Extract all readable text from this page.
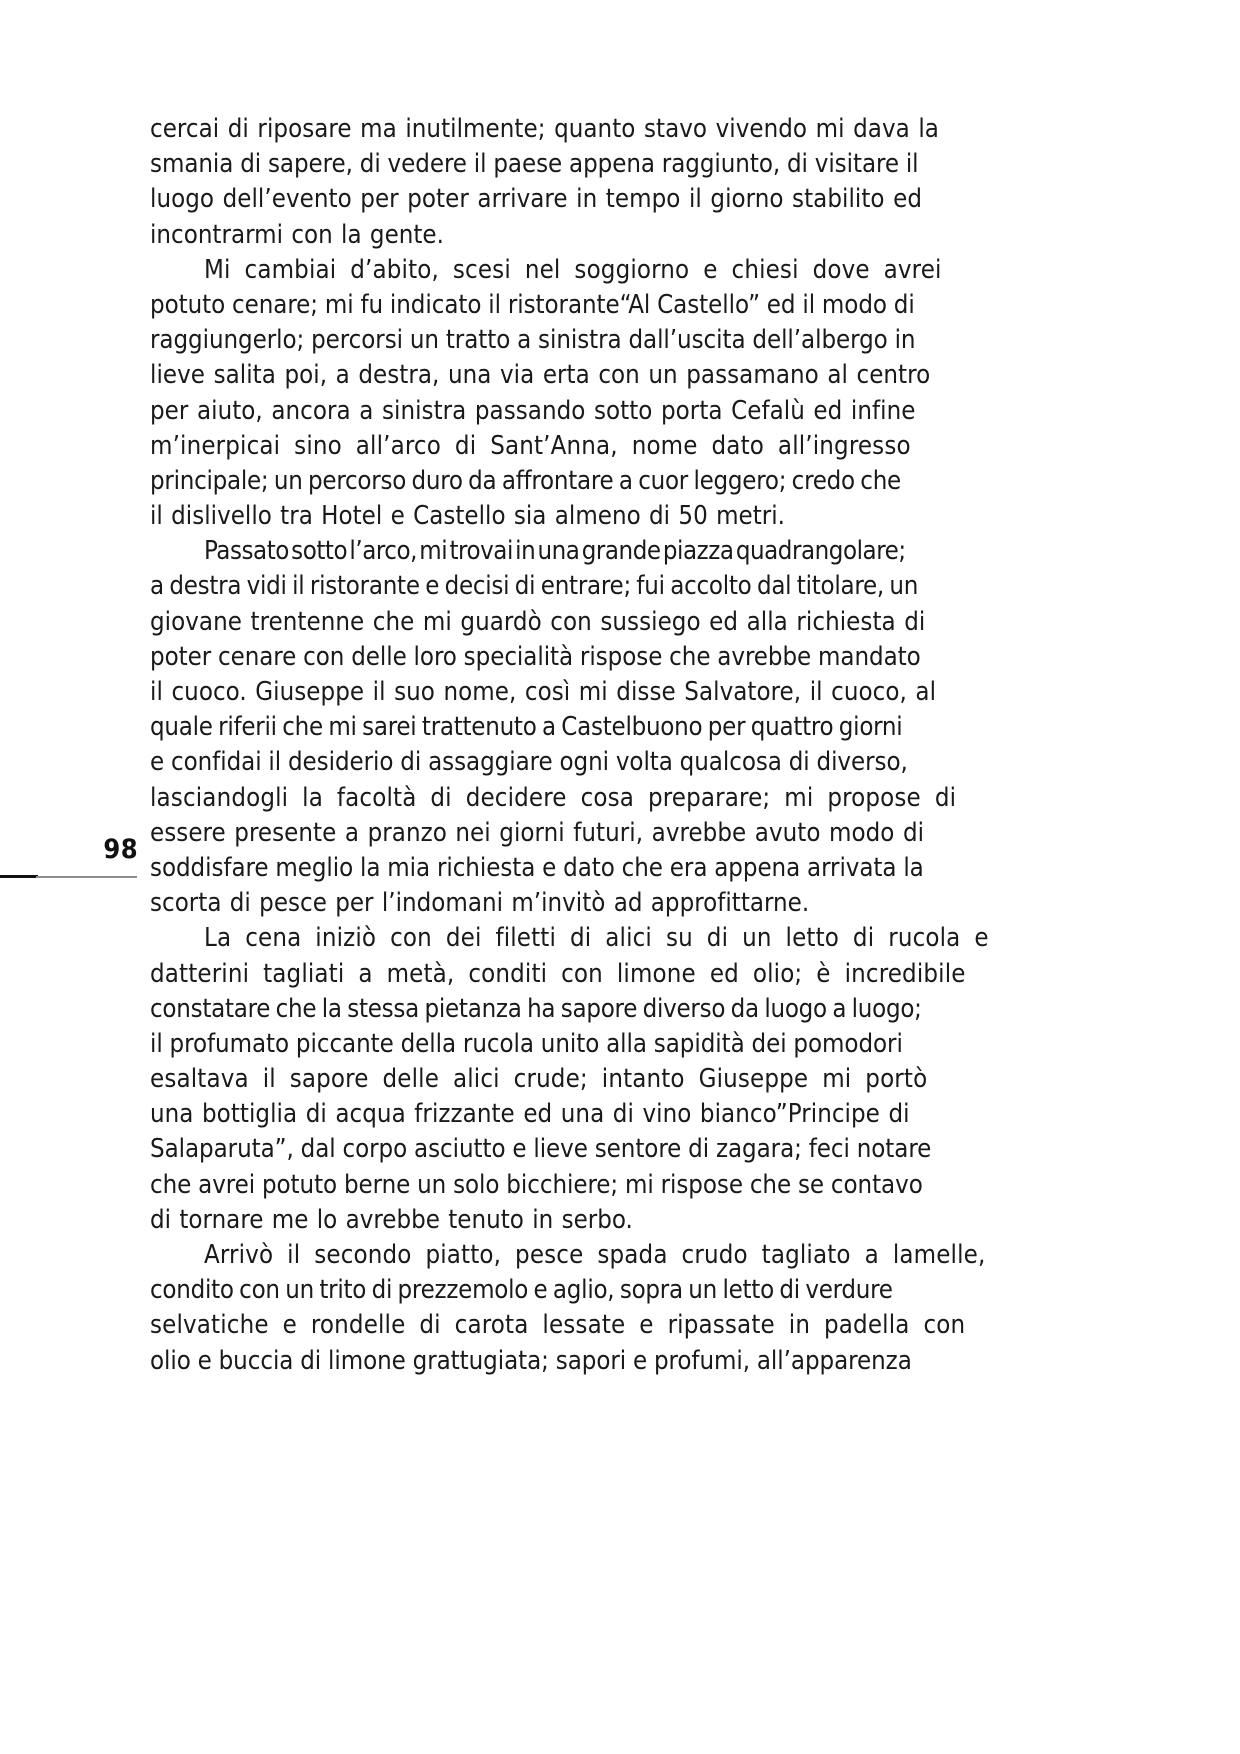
98
cercai di riposare ma inutilmente; quanto stavo vivendo mi dava la
smania di sapere, di vedere il paese appena raggiunto, di visitare il
luogo dell’evento per poter arrivare in tempo il giorno stabilito ed
incontrarmi con la gente.
Mi cambiai d’abito, scesi nel soggiorno e chiesi dove avrei
potuto cenare; mi fu indicato il ristorante“Al Castello” ed il modo di
raggiungerlo; percorsi un tratto a sinistra dall’uscita dell’albergo in
lieve salita poi, a destra, una via erta con un passamano al centro
per aiuto, ancora a sinistra passando sotto porta Cefalù ed infine
m’inerpicai sino all’arco di Sant’Anna, nome dato all’ingresso
principale; un percorso duro da affrontare a cuor leggero; credo che
il dislivello tra Hotel e Castello sia almeno di 50 metri.
Passato sotto l’arco, mi trovai in una grande piazza quadrangolare;
a destra vidi il ristorante e decisi di entrare; fui accolto dal titolare, un
giovane trentenne che mi guardò con sussiego ed alla richiesta di
poter cenare con delle loro specialità rispose che avrebbe mandato
il cuoco. Giuseppe il suo nome, così mi disse Salvatore, il cuoco, al
quale riferii che mi sarei trattenuto a Castelbuono per quattro giorni
e confidai il desiderio di assaggiare ogni volta qualcosa di diverso,
lasciandogli la facoltà di decidere cosa preparare; mi propose di
essere presente a pranzo nei giorni futuri, avrebbe avuto modo di
soddisfare meglio la mia richiesta e dato che era appena arrivata la
scorta di pesce per l’indomani m’invitò ad approfittarne.
La cena iniziò con dei filetti di alici su di un letto di rucola e
datterini tagliati a metà, conditi con limone ed olio; è incredibile
constatare che la stessa pietanza ha sapore diverso da luogo a luogo;
il profumato piccante della rucola unito alla sapidità dei pomodori
esaltava il sapore delle alici crude; intanto Giuseppe mi portò
una bottiglia di acqua frizzante ed una di vino bianco”Principe di
Salaparuta”, dal corpo asciutto e lieve sentore di zagara; feci notare
che avrei potuto berne un solo bicchiere; mi rispose che se contavo
di tornare me lo avrebbe tenuto in serbo.
Arrivò il secondo piatto, pesce spada crudo tagliato a lamelle,
condito con un trito di prezzemolo e aglio, sopra un letto di verdure
selvatiche e rondelle di carota lessate e ripassate in padella con
olio e buccia di limone grattugiata; sapori e profumi, all’apparenza
